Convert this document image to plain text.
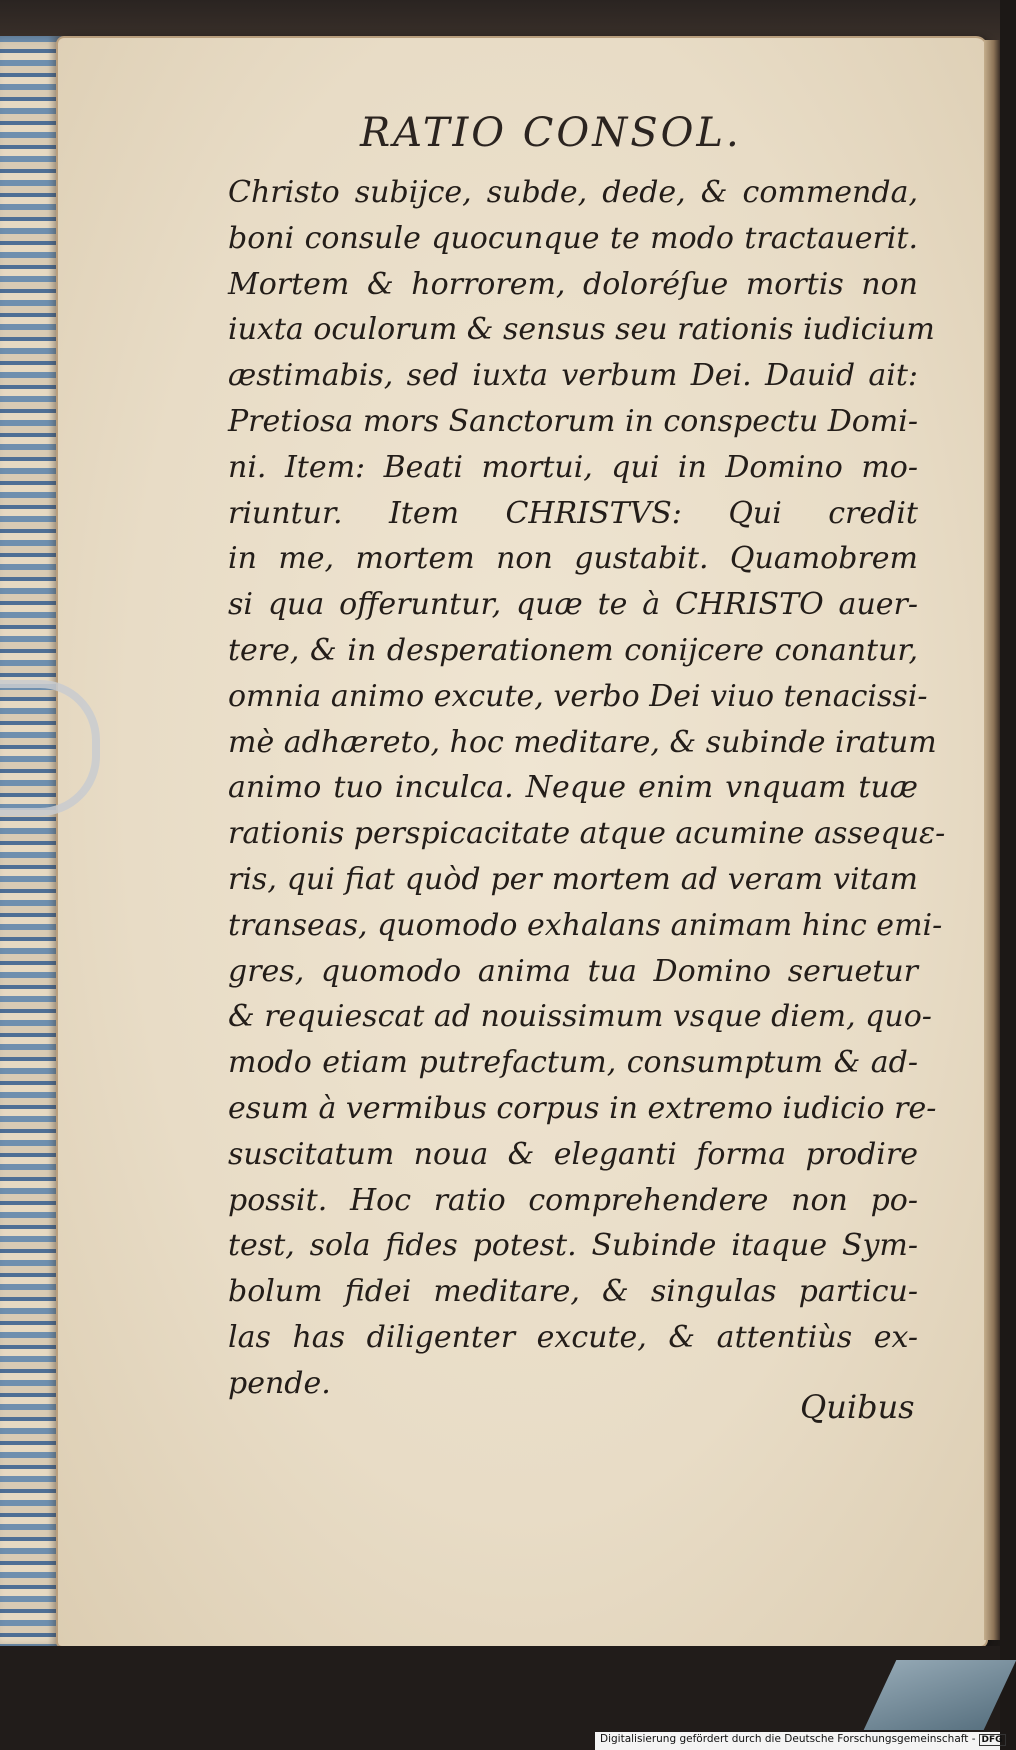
RATIO CONSOL.
Christo subijce, subde, dede, & commenda,
boni consule quocunque te modo tractauerit.
Mortem & horrorem, doloréſue mortis non
iuxta oculorum & sensus seu rationis iudicium
æstimabis, sed iuxta verbum Dei. Dauid ait:
Pretiosa mors Sanctorum in conspectu Domi-
ni. Item: Beati mortui, qui in Domino mo-
riuntur. Item CHRISTVS: Qui credit
in me, mortem non gustabit. Quamobrem
si qua offeruntur, quæ te à CHRISTO auer-
tere, & in desperationem conijcere conantur,
omnia animo excute, verbo Dei viuo tenacissi-
mè adhæreto, hoc meditare, & subinde iratum
animo tuo inculca. Neque enim vnquam tuæ
rationis perspicacitate atque acumine assequε-
ris, qui fiat quòd per mortem ad veram vitam
transeas, quomodo exhalans animam hinc emi-
gres, quomodo anima tua Domino seruetur
& requiescat ad nouissimum vsque diem, quo-
modo etiam putrefactum, consumptum & ad-
esum à vermibus corpus in extremo iudicio re-
suscitatum noua & eleganti forma prodire
possit. Hoc ratio comprehendere non po-
test, sola fides potest. Subinde itaque Sym-
bolum fidei meditare, & singulas particu-
las has diligenter excute, & attentiùs ex-
pende.
Quibus
Digitalisierung gefördert durch die Deutsche Forschungsgemeinschaft - DFG
